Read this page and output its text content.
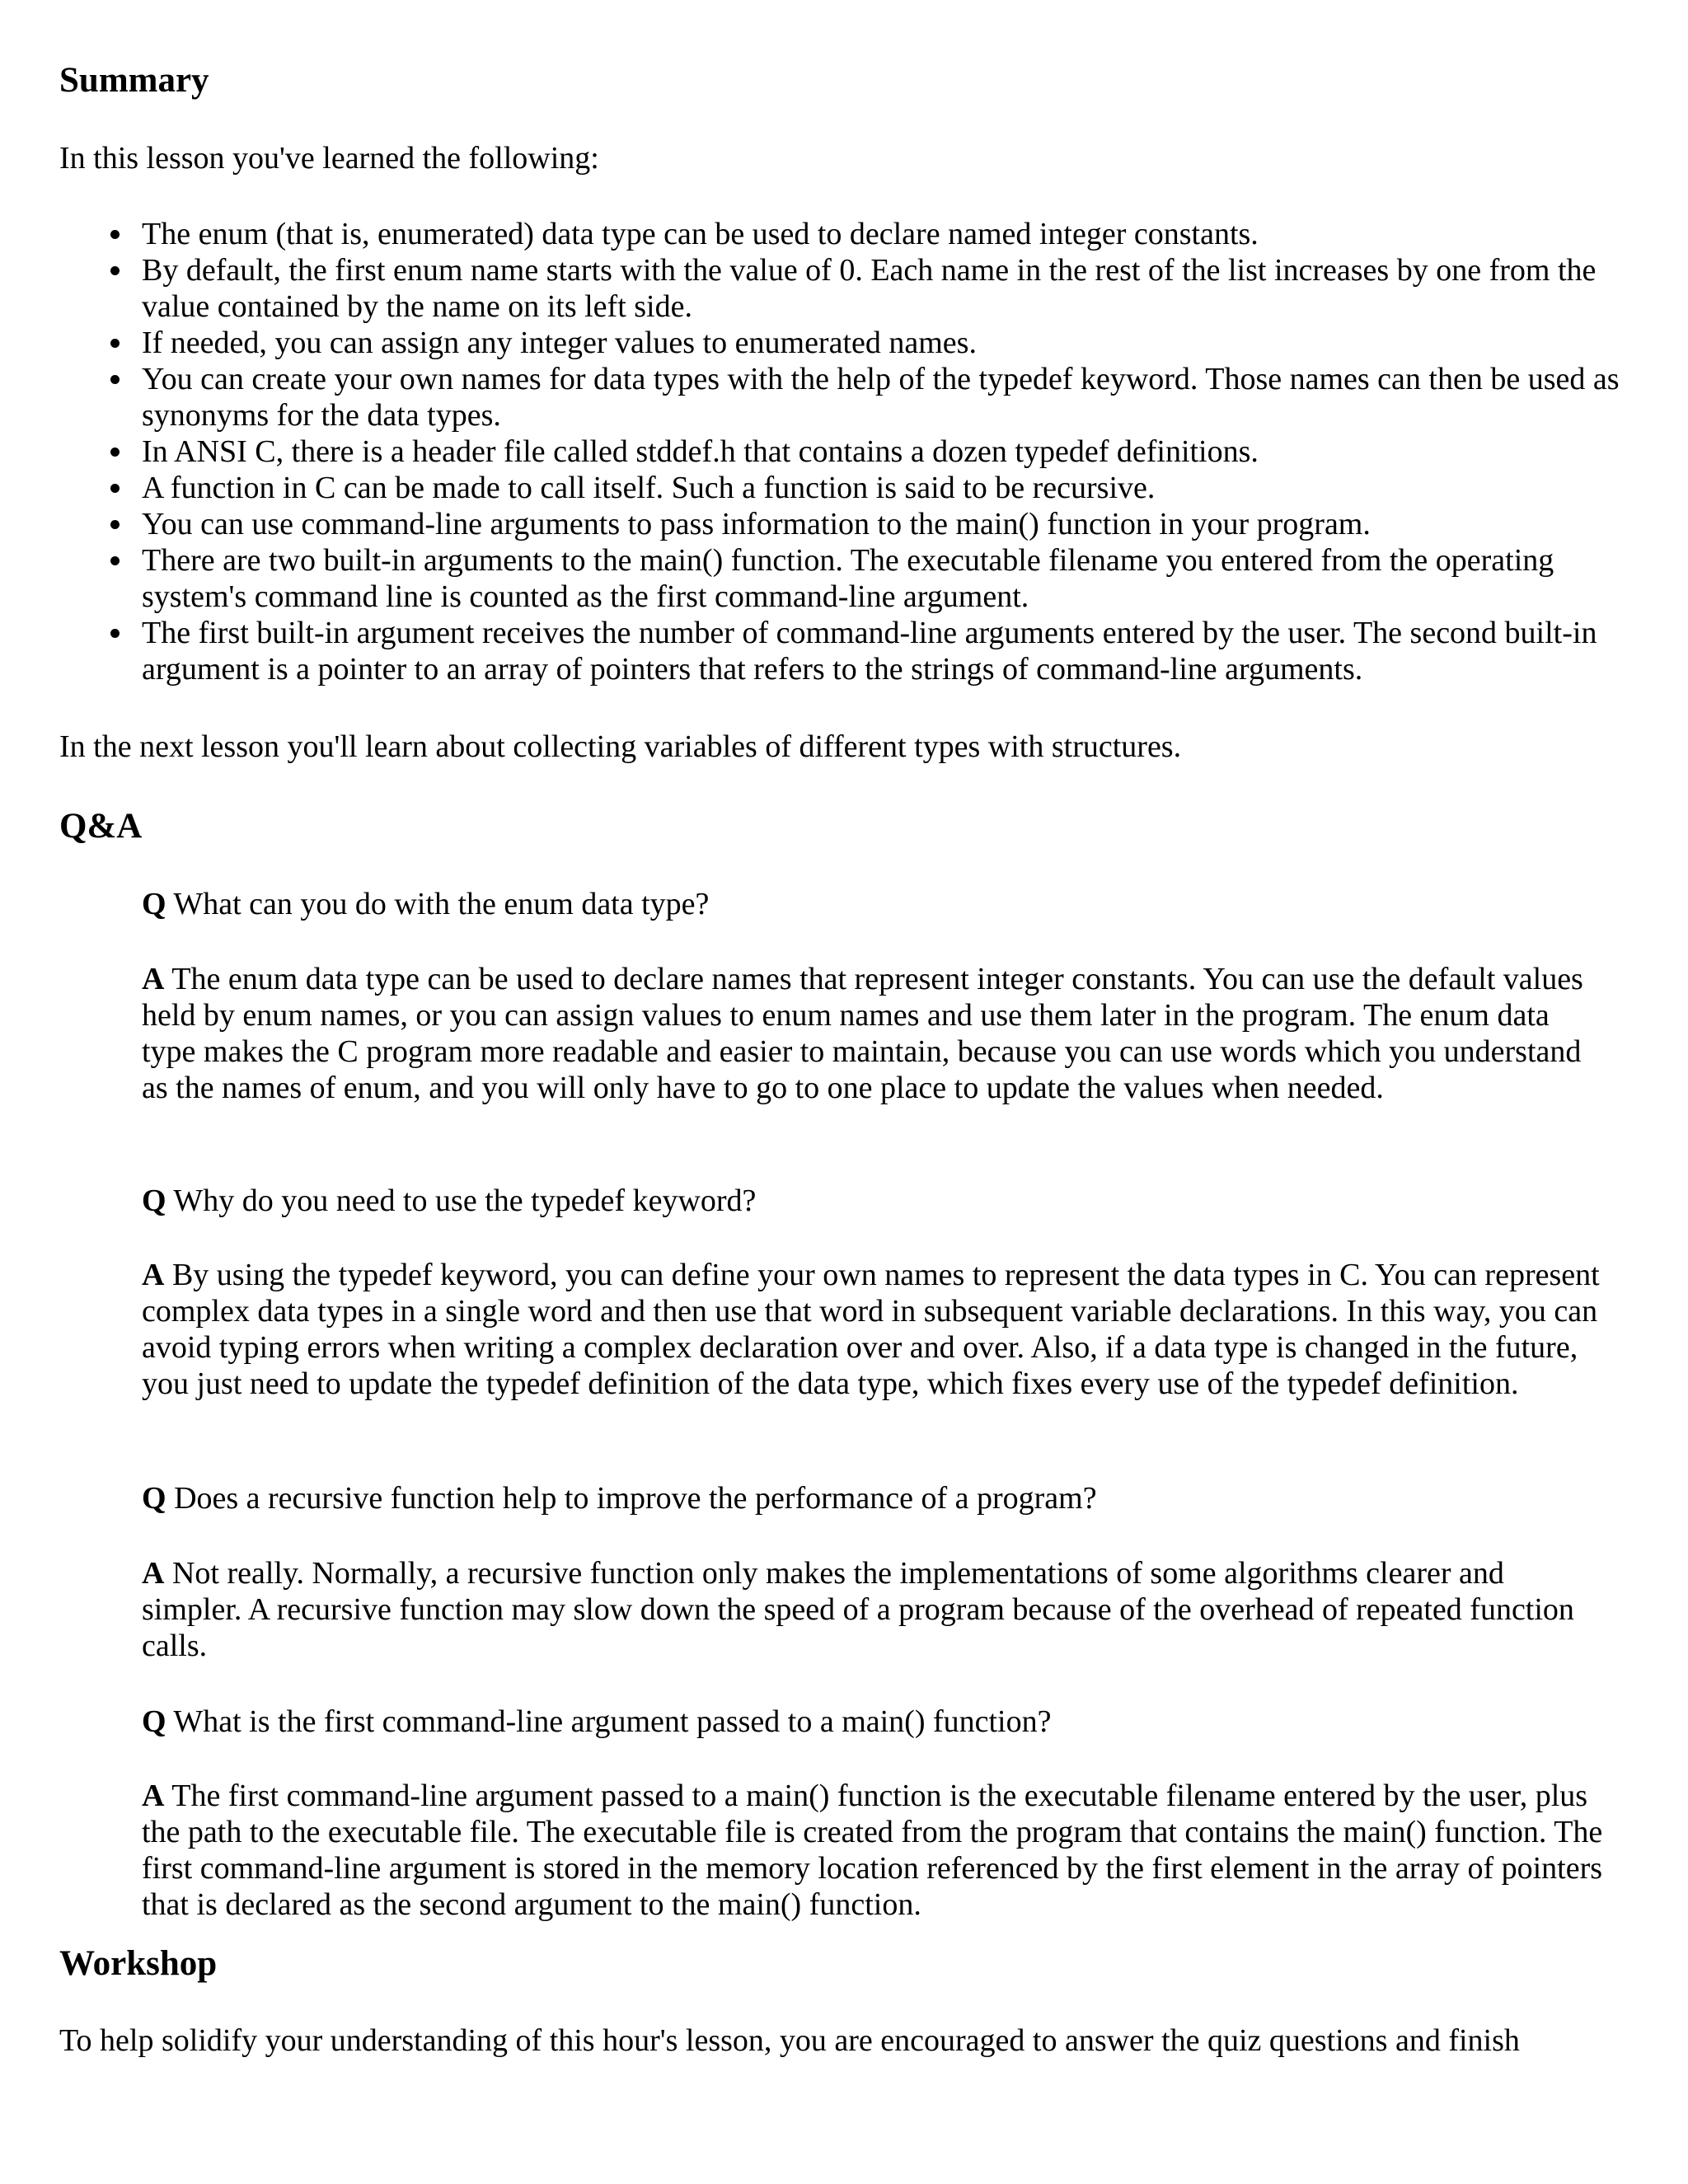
Summary

In this lesson you've learned the following:

The enum (that is, enumerated) data type can be used to declare named integer constants.
By default, the first enum name starts with the value of 0. Each name in the rest of the list increases by one from the value contained by the name on its left side.
If needed, you can assign any integer values to enumerated names.
You can create your own names for data types with the help of the typedef keyword. Those names can then be used as synonyms for the data types.
In ANSI C, there is a header file called stddef.h that contains a dozen typedef definitions.
A function in C can be made to call itself. Such a function is said to be recursive.
You can use command-line arguments to pass information to the main() function in your program.
There are two built-in arguments to the main() function. The executable filename you entered from the operating system's command line is counted as the first command-line argument.
The first built-in argument receives the number of command-line arguments entered by the user. The second built-in argument is a pointer to an array of pointers that refers to the strings of command-line arguments.

In the next lesson you'll learn about collecting variables of different types with structures.

Q&A

Q What can you do with the enum data type?

A The enum data type can be used to declare names that represent integer constants. You can use the default values held by enum names, or you can assign values to enum names and use them later in the program. The enum data type makes the C program more readable and easier to maintain, because you can use words which you understand as the names of enum, and you will only have to go to one place to update the values when needed.

Q Why do you need to use the typedef keyword?

A By using the typedef keyword, you can define your own names to represent the data types in C. You can represent complex data types in a single word and then use that word in subsequent variable declarations. In this way, you can avoid typing errors when writing a complex declaration over and over. Also, if a data type is changed in the future, you just need to update the typedef definition of the data type, which fixes every use of the typedef definition.

Q Does a recursive function help to improve the performance of a program?

A Not really. Normally, a recursive function only makes the implementations of some algorithms clearer and simpler. A recursive function may slow down the speed of a program because of the overhead of repeated function calls.

Q What is the first command-line argument passed to a main() function?

A The first command-line argument passed to a main() function is the executable filename entered by the user, plus the path to the executable file. The executable file is created from the program that contains the main() function. The first command-line argument is stored in the memory location referenced by the first element in the array of pointers that is declared as the second argument to the main() function.

Workshop

To help solidify your understanding of this hour's lesson, you are encouraged to answer the quiz questions and finish
